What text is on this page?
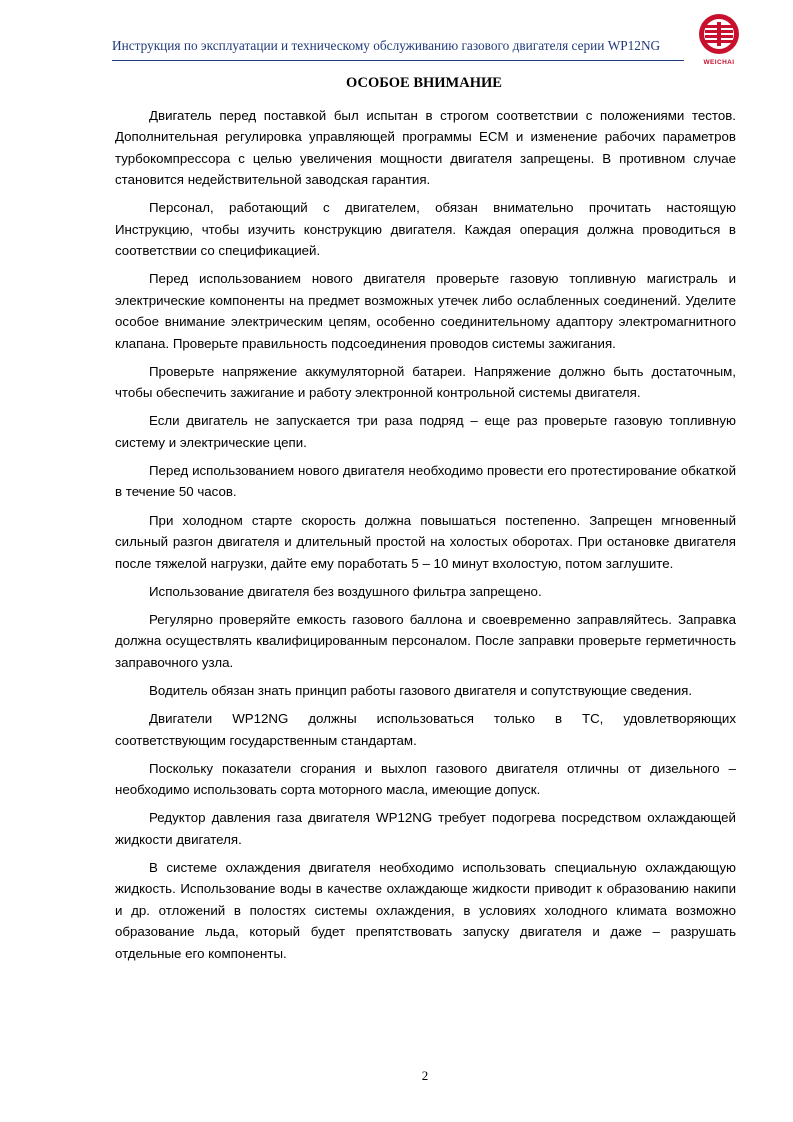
Инструкция по эксплуатации и техническому обслуживанию газового двигателя серии WP12NG
WEICHAI
ОСОБОЕ ВНИМАНИЕ

Двигатель перед поставкой был испытан в строгом соответствии с положениями тестов. Дополнительная регулировка управляющей программы ECM и изменение рабочих параметров турбокомпрессора с целью увеличения мощности двигателя запрещены. В противном случае становится недействительной заводская гарантия.

Персонал, работающий с двигателем, обязан внимательно прочитать настоящую Инструкцию, чтобы изучить конструкцию двигателя. Каждая операция должна проводиться в соответствии со спецификацией.

Перед использованием нового двигателя проверьте газовую топливную магистраль и электрические компоненты на предмет возможных утечек либо ослабленных соединений. Уделите особое внимание электрическим цепям, особенно соединительному адаптору электромагнитного клапана. Проверьте правильность подсоединения проводов системы зажигания.

Проверьте напряжение аккумуляторной батареи. Напряжение должно быть достаточным, чтобы обеспечить зажигание и работу электронной контрольной системы двигателя.

Если двигатель не запускается три раза подряд – еще раз проверьте газовую топливную систему и электрические цепи.

Перед использованием нового двигателя необходимо провести его протестирование обкаткой в течение 50 часов.

При холодном старте скорость должна повышаться постепенно. Запрещен мгновенный сильный разгон двигателя и длительный простой на холостых оборотах. При остановке двигателя после тяжелой нагрузки, дайте ему поработать 5 – 10 минут вхолостую, потом заглушите.

Использование двигателя без воздушного фильтра запрещено.

Регулярно проверяйте емкость газового баллона и своевременно заправляйтесь. Заправка должна осуществлять квалифицированным персоналом. После заправки проверьте герметичность заправочного узла.

Водитель обязан знать принцип работы газового двигателя и сопутствующие сведения.

Двигатели WP12NG должны использоваться только в ТС, удовлетворяющих соответствующим государственным стандартам.

Поскольку показатели сгорания и выхлоп газового двигателя отличны от дизельного – необходимо использовать сорта моторного масла, имеющие допуск.

Редуктор давления газа двигателя WP12NG требует подогрева посредством охлаждающей жидкости двигателя.

В системе охлаждения двигателя необходимо использовать специальную охлаждающую жидкость. Использование воды в качестве охлаждающе жидкости приводит к образованию накипи и др. отложений в полостях системы охлаждения, в условиях холодного климата возможно образование льда, который будет препятствовать запуску двигателя и даже – разрушать отдельные его компоненты.

2
